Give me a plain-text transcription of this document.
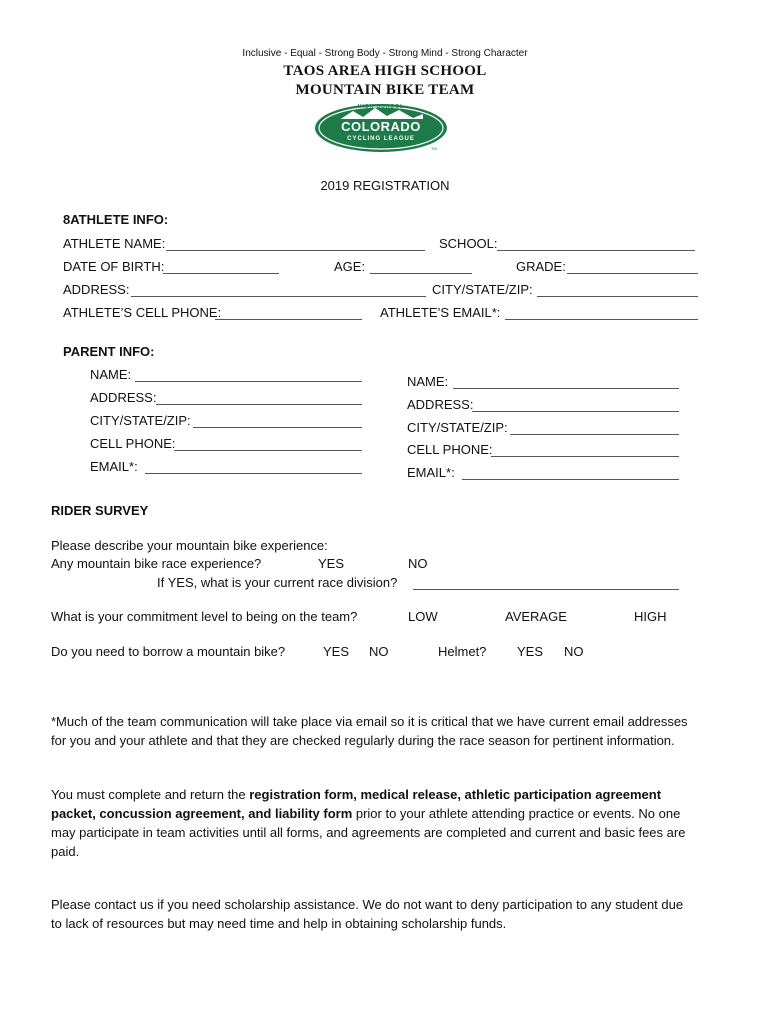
Inclusive - Equal - Strong Body - Strong Mind - Strong Character
TAOS AREA HIGH SCHOOL
MOUNTAIN BIKE TEAM
HIGH SCHOOL
COLORADO
CYCLING LEAGUE
TM
2019 REGISTRATION
8ATHLETE INFO:
ATHLETE NAME:	SCHOOL:
DATE OF BIRTH:	AGE:	GRADE:
ADDRESS:	CITY/STATE/ZIP:
ATHLETE’S CELL PHONE:	ATHLETE’S EMAIL*:
PARENT INFO:
NAME:
ADDRESS:
CITY/STATE/ZIP:
CELL PHONE:
EMAIL*:
NAME:
ADDRESS:
CITY/STATE/ZIP:
CELL PHONE:
EMAIL*:
RIDER SURVEY
Please describe your mountain bike experience:
Any mountain bike race experience?	YES	NO
If YES, what is your current race division?
What is your commitment level to being on the team?	LOW	AVERAGE	HIGH
Do you need to borrow a mountain bike?	YES NO	Helmet? YES NO
*Much of the team communication will take place via email so it is critical that we have current email addresses for you and your athlete and that they are checked regularly during the race season for pertinent information.
You must complete and return the registration form, medical release, athletic participation agreement packet, concussion agreement, and liability form prior to your athlete attending practice or events. No one may participate in team activities until all forms, and agreements are completed and current and basic fees are paid.
Please contact us if you need scholarship assistance. We do not want to deny participation to any student due to lack of resources but may need time and help in obtaining scholarship funds.
